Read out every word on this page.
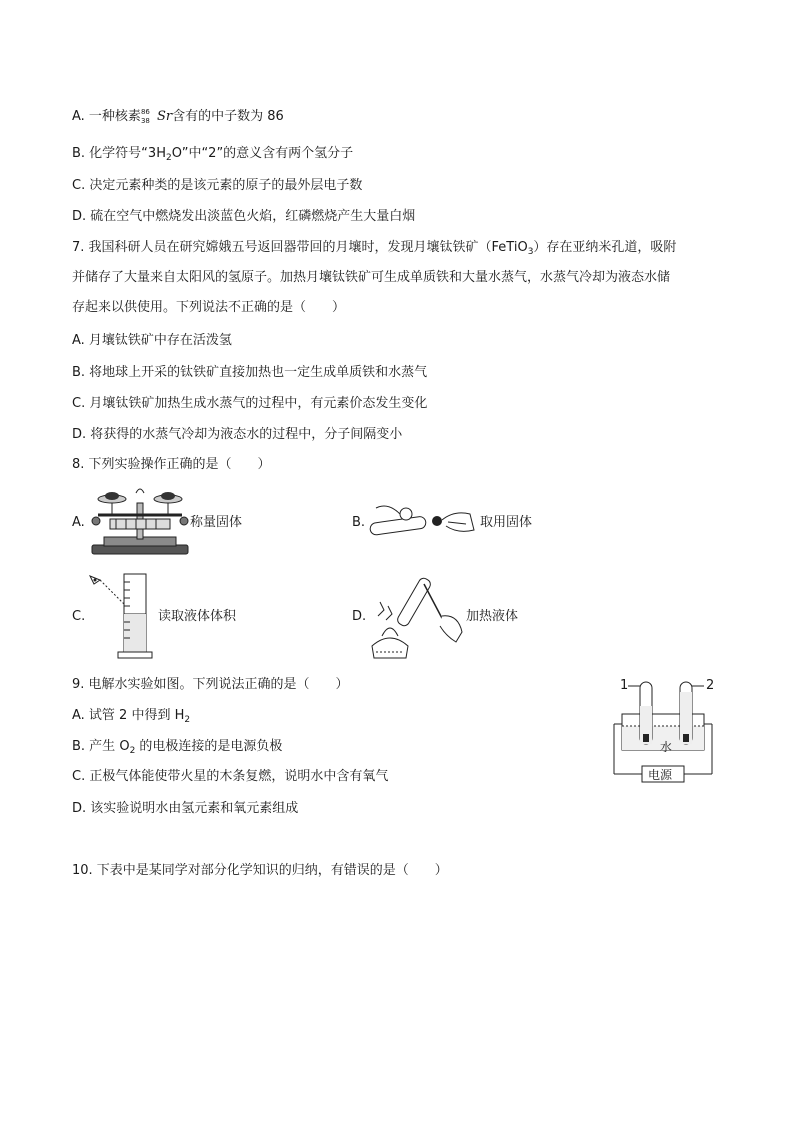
A. 一种核素 86
38 Sr含有的中子数为 86
B. 化学符号“$3H_2O$”中“2”的意义含有两个氢分子
C. 决定元素种类的是该元素的原子的最外层电子数
D. 硫在空气中燃烧发出淡蓝色火焰，红磷燃烧产生大量白烟
7. 我国科研人员在研究嫦娥五号返回器带回的月壤时，发现月壤钛铁矿（FeTiO$_3$）存在亚纳米孔道，吸附
并储存了大量来自太阳风的氢原子。加热月壤钛铁矿可生成单质铁和大量水蒸气，水蒸气冷却为液态水储
存起来以供使用。下列说法不正确的是（　　）
A. 月壤钛铁矿中存在活泼氢
B. 将地球上开采的钛铁矿直接加热也一定生成单质铁和水蒸气
C. 月壤钛铁矿加热生成水蒸气的过程中，有元素价态发生变化
D. 将获得的水蒸气冷却为液态水的过程中，分子间隔变小
8. 下列实验操作正确的是（　　）
A.	称量固体	B.	取用固体
C.	读取液体体积	D.	加热液体
9. 电解水实验如图。下列说法正确的是（　　）
A. 试管 2 中得到 $H_2$
B. 产生 $O_2$ 的电极连接的是电源负极
C. 正极气体能使带火星的木条复燃，说明水中含有氧气
D. 该实验说明水由氢元素和氧元素组成
1	2
水
电源
10. 下表中是某同学对部分化学知识的归纳，有错误的是（　　）
